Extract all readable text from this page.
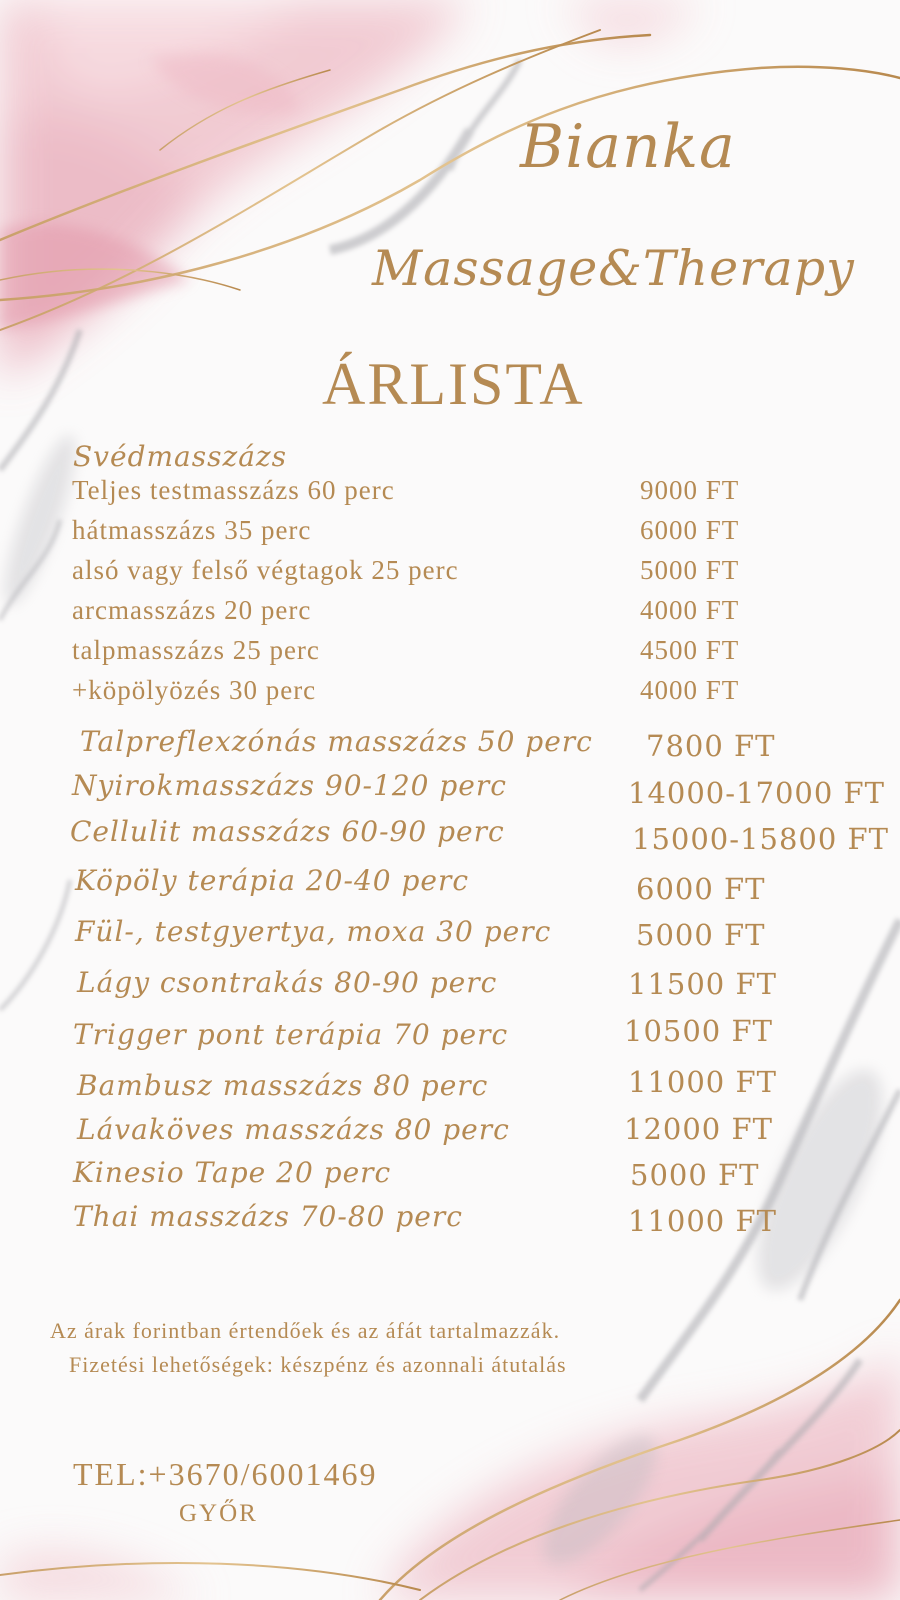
Bianka
Massage&Therapy
ÁRLISTA
Svédmasszázs
Teljes testmasszázs 60 perc	9000 FT
hátmasszázs 35 perc	6000 FT
alsó vagy felső végtagok 25 perc	5000 FT
arcmasszázs 20 perc	4000 FT
talpmasszázs 25 perc	4500 FT
+köpölyözés 30 perc	4000 FT
Talpreflexzónás masszázs 50 perc 7800 FT
Nyirokmasszázs 90-120 perc	14000-17000 FT
Cellulit masszázs 60-90 perc	15000-15800 FT
Köpöly terápia 20-40 perc	6000 FT
Fül-, testgyertya, moxa 30 perc	5000 FT
Lágy csontrakás 80-90 perc	11500 FT
Trigger pont terápia 70 perc	10500 FT
Bambusz masszázs 80 perc	11000 FT
Lávaköves masszázs 80 perc	12000 FT
Kinesio Tape 20 perc	5000 FT
Thai masszázs 70-80 perc	11000 FT
Az árak forintban értendőek és az áfát tartalmazzák.
Fizetési lehetőségek: készpénz és azonnali átutalás
TEL:+3670/6001469
GYŐR
